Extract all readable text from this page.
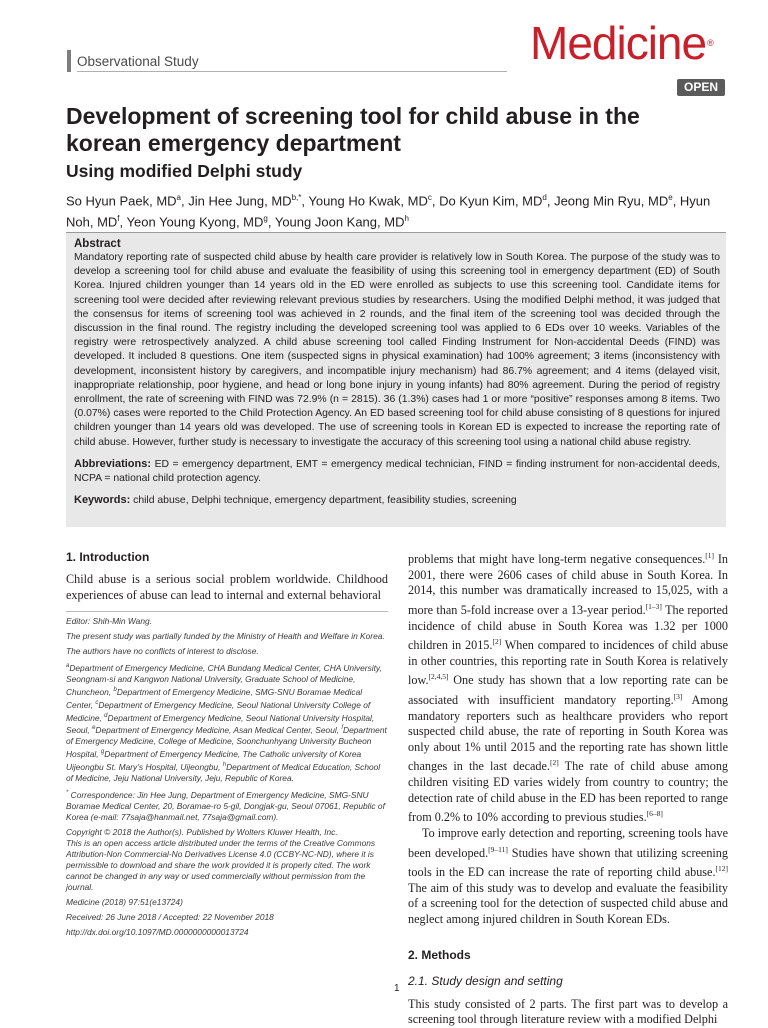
Observational Study	Medicine®
OPEN
Development of screening tool for child abuse in the korean emergency department
Using modified Delphi study
So Hyun Paek, $MD^a$, Jin Hee Jung, $MD^{b,*}$, Young Ho Kwak, $MD^c$, Do Kyun Kim, $MD^d$, Jeong Min Ryu, MDe, Hyun Noh, $MD^f$, Yeon Young Kyong, $MD^g$, Young Joon Kang, $MD^h$
Abstract
Mandatory reporting rate of suspected child abuse by health care provider is relatively low in South Korea. The purpose of the study was to develop a screening tool for child abuse and evaluate the feasibility of using this screening tool in emergency department (ED) of South Korea. Injured children younger than 14 years old in the ED were enrolled as subjects to use this screening tool. Candidate items for screening tool were decided after reviewing relevant previous studies by researchers. Using the modified Delphi method, it was judged that the consensus for items of screening tool was achieved in 2 rounds, and the final item of the screening tool was decided through the discussion in the final round. The registry including the developed screening tool was applied to 6 EDs over 10 weeks. Variables of the registry were retrospectively analyzed. A child abuse screening tool called Finding Instrument for Non-accidental Deeds (FIND) was developed. It included 8 questions. One item (suspected signs in physical examination) had 100% agreement; 3 items (inconsistency with development, inconsistent history by caregivers, and incompatible injury mechanism) had 86.7% agreement; and 4 items (delayed visit, inappropriate relationship, poor hygiene, and head or long bone injury in young infants) had 80% agreement. During the period of registry enrollment, the rate of screening with FIND was 72.9% (n = 2815). 36 (1.3%) cases had 1 or more “positive” responses among 8 items. Two (0.07%) cases were reported to the Child Protection Agency. An ED based screening tool for child abuse consisting of 8 questions for injured children younger than 14 years old was developed. The use of screening tools in Korean ED is expected to increase the reporting rate of child abuse. However, further study is necessary to investigate the accuracy of this screening tool using a national child abuse registry.
Abbreviations: ED = emergency department, EMT = emergency medical technician, FIND = finding instrument for non-accidental deeds, NCPA = national child protection agency.
Keywords: child abuse, Delphi technique, emergency department, feasibility studies, screening
1. Introduction
Child abuse is a serious social problem worldwide. Childhood experiences of abuse can lead to internal and external behavioral
Editor: Shih-Min Wang.
The present study was partially funded by the Ministry of Health and Welfare in Korea.
The authors have no conflicts of interest to disclose.
$^a$Department of Emergency Medicine, CHA Bundang Medical Center, CHA University, Seongnam-si and Kangwon National University, Graduate School of Medicine, Chuncheon, $^b$Department of Emergency Medicine, SMG-SNU Boramae Medical Center, $^c$Department of Emergency Medicine, Seoul National University College of Medicine, $^d$Department of Emergency Medicine, Seoul National University Hospital, Seoul, $^e$Department of Emergency Medicine, Asan Medical Center, Seoul, $^f$Department of Emergency Medicine, College of Medicine, Soonchunhyang University Bucheon Hospital, $^g$Department of Emergency Medicine, The Catholic university of Korea Uijeongbu St. Mary’s Hospital, Uijeongbu, $^h$Department of Medical Education, School of Medicine, Jeju National University, Jeju, Republic of Korea.
* Correspondence: Jin Hee Jung, Department of Emergency Medicine, SMG-SNU Boramae Medical Center, 20, Boramae-ro 5-gil, Dongjak-gu, Seoul 07061, Republic of Korea (e-mail: 77saja@hanmail.net, 77saja@gmail.com).
Copyright © 2018 the Author(s). Published by Wolters Kluwer Health, Inc.
This is an open access article distributed under the terms of the Creative Commons Attribution-Non Commercial-No Derivatives License 4.0 (CCBY-NC-ND), where it is permissible to download and share the work provided it is properly cited. The work cannot be changed in any way or used commercially without permission from the journal.
Medicine (2018) 97:51(e13724)
Received: 26 June 2018 / Accepted: 22 November 2018
http://dx.doi.org/10.1097/MD.0000000000013724
problems that might have long-term negative consequences.[1] In 2001, there were 2606 cases of child abuse in South Korea. In 2014, this number was dramatically increased to 15,025, with a more than 5-fold increase over a 13-year period.[1–3] The reported incidence of child abuse in South Korea was 1.32 per 1000 children in 2015.[2] When compared to incidences of child abuse in other countries, this reporting rate in South Korea is relatively low.[2,4,5] One study has shown that a low reporting rate can be associated with insufficient mandatory reporting.[3] Among mandatory reporters such as healthcare providers who report suspected child abuse, the rate of reporting in South Korea was only about 1% until 2015 and the reporting rate has shown little changes in the last decade.[2] The rate of child abuse among children visiting ED varies widely from country to country; the detection rate of child abuse in the ED has been reported to range from 0.2% to 10% according to previous studies.[6–8]
To improve early detection and reporting, screening tools have been developed.[9–11] Studies have shown that utilizing screening tools in the ED can increase the rate of reporting child abuse.[12] The aim of this study was to develop and evaluate the feasibility of a screening tool for the detection of suspected child abuse and neglect among injured children in South Korean EDs.
2. Methods
2.1. Study design and setting
This study consisted of 2 parts. The first part was to develop a screening tool through literature review with a modified Delphi
1
